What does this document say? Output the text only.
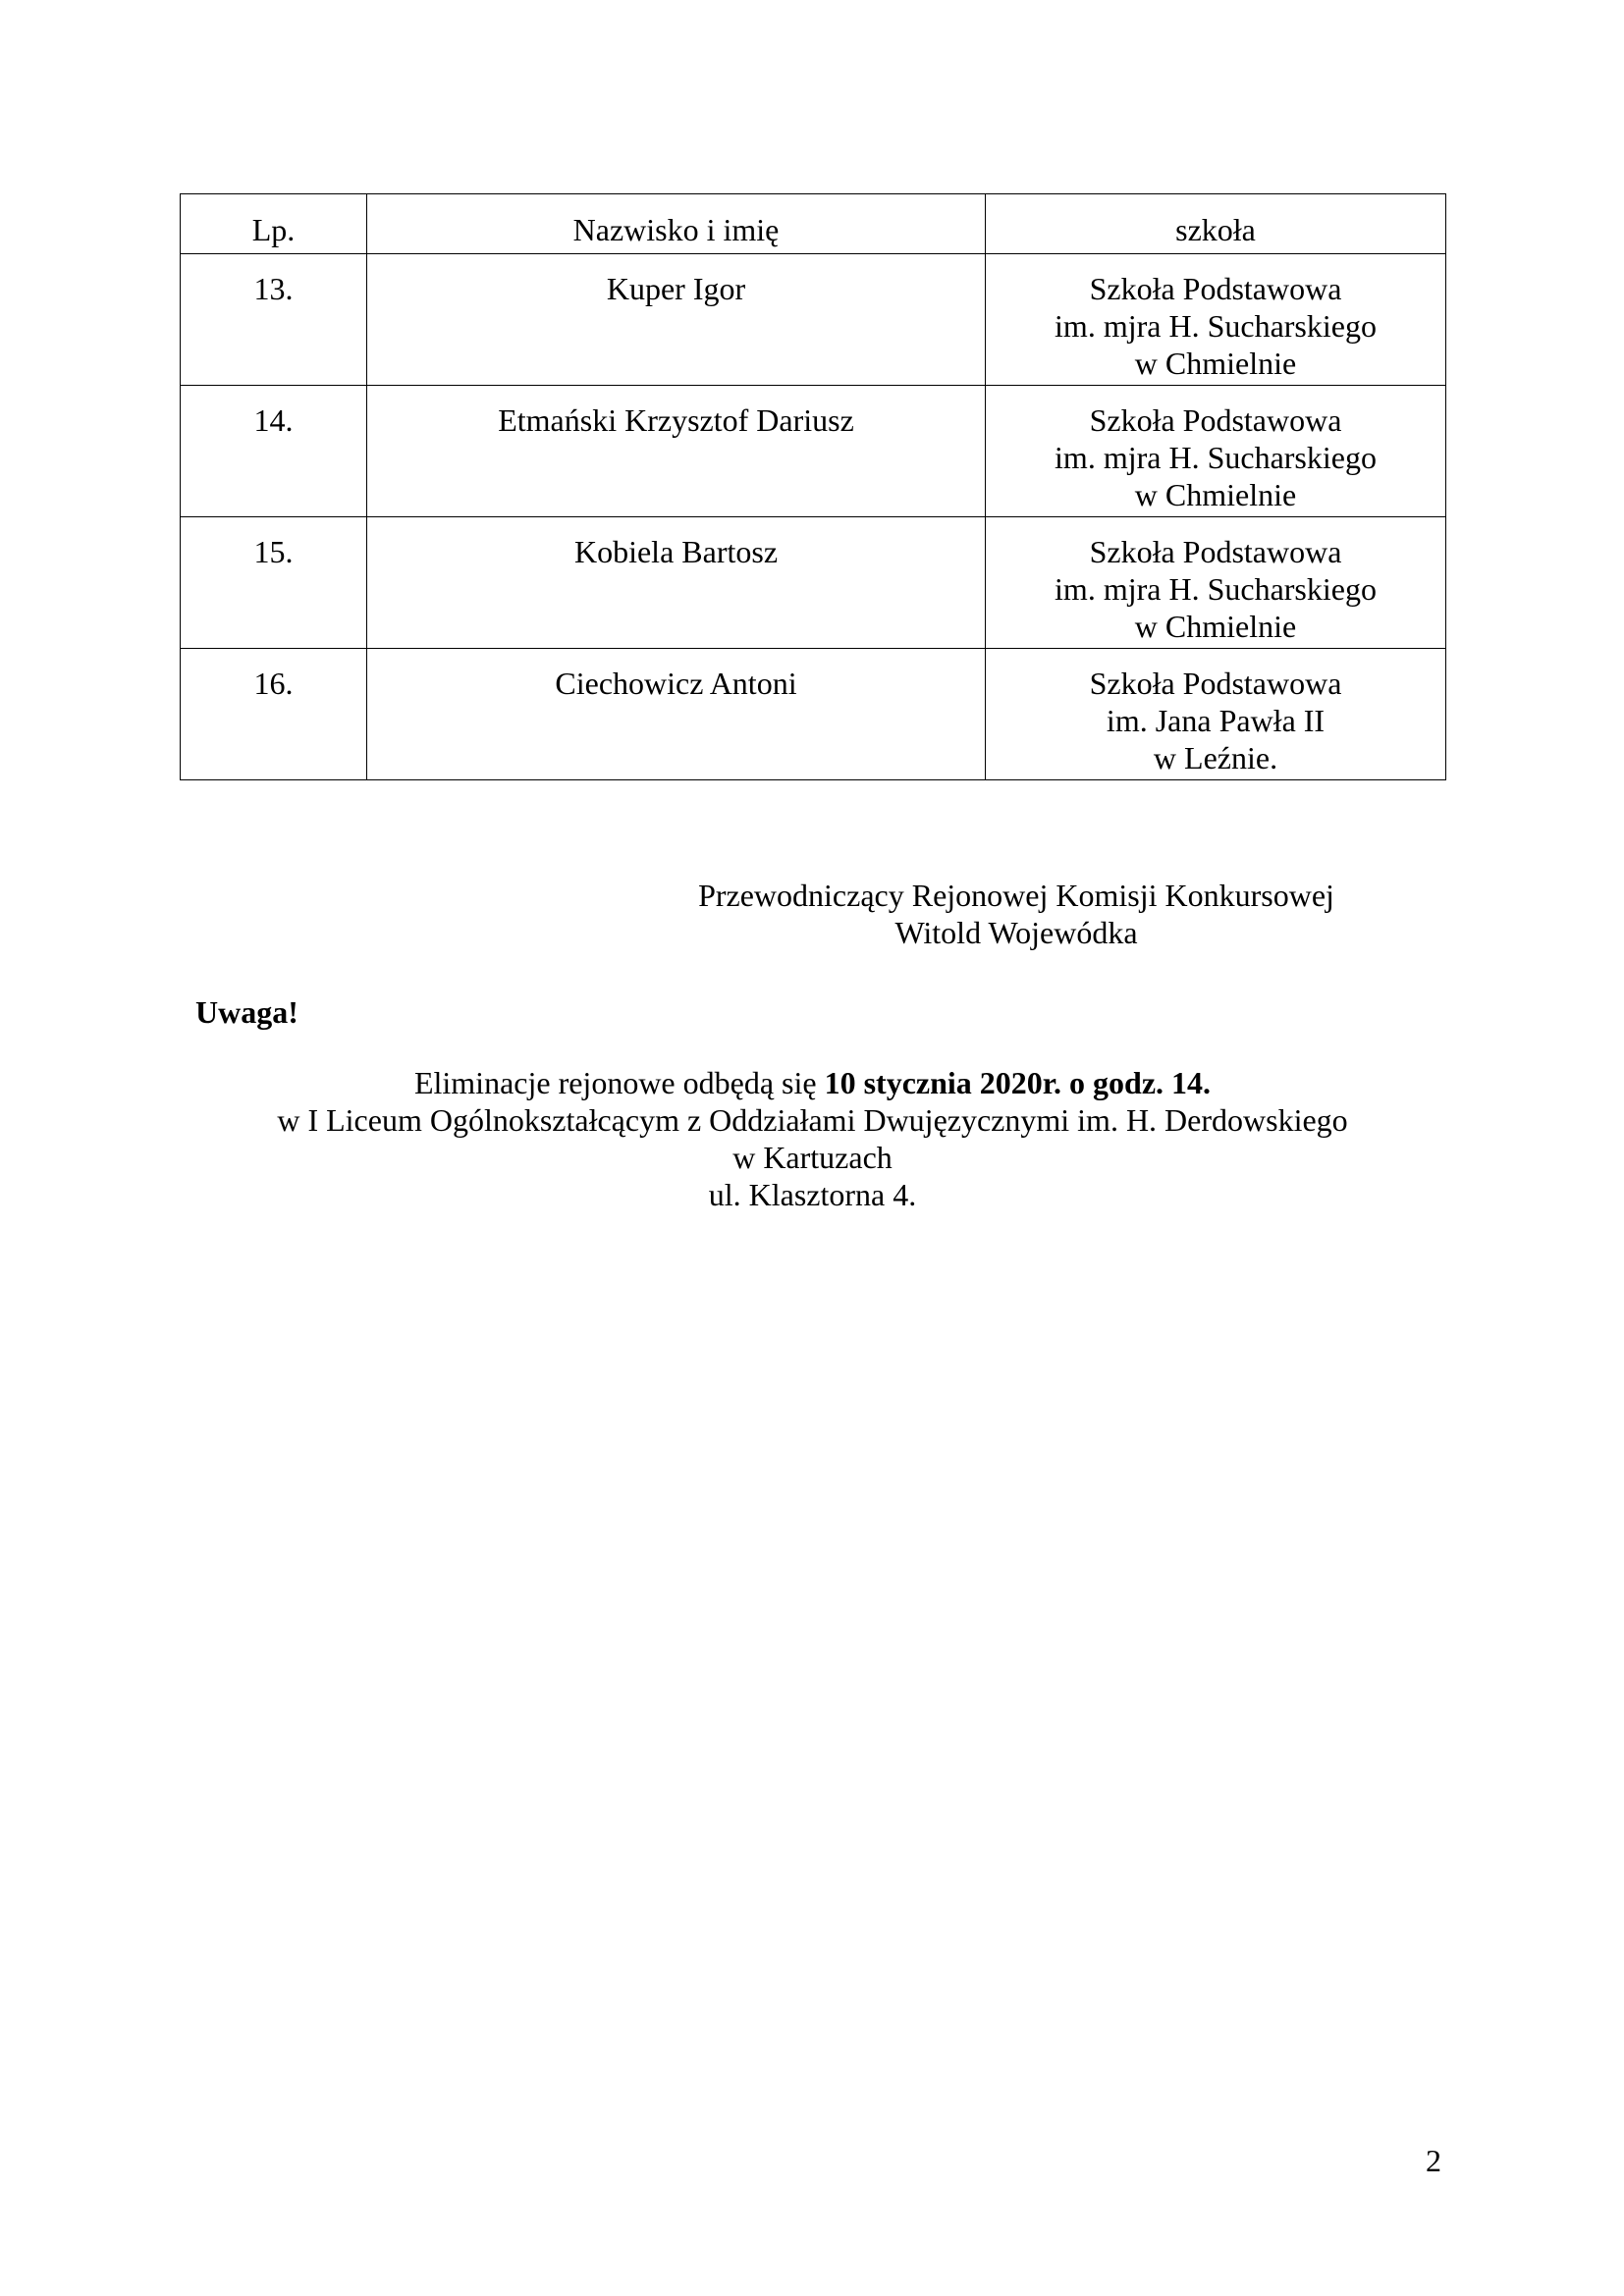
Lp.	Nazwisko i imię	szkoła
13.	Kuper Igor	Szkoła Podstawowa
im. mjra H. Sucharskiego
w Chmielnie

14.	Etmański Krzysztof Dariusz	Szkoła Podstawowa
im. mjra H. Sucharskiego
w Chmielnie

15.	Kobiela Bartosz	Szkoła Podstawowa
im. mjra H. Sucharskiego
w Chmielnie

16.	Ciechowicz Antoni	Szkoła Podstawowa
im. Jana Pawła II
w Leźnie.
Przewodniczący Rejonowej Komisji Konkursowej
Witold Wojewódka
Uwaga!
Eliminacje rejonowe odbędą się 10 stycznia 2020r. o godz. 14.
w I Liceum Ogólnokształcącym z Oddziałami Dwujęzycznymi im. H. Derdowskiego
w Kartuzach
ul. Klasztorna 4.
2
